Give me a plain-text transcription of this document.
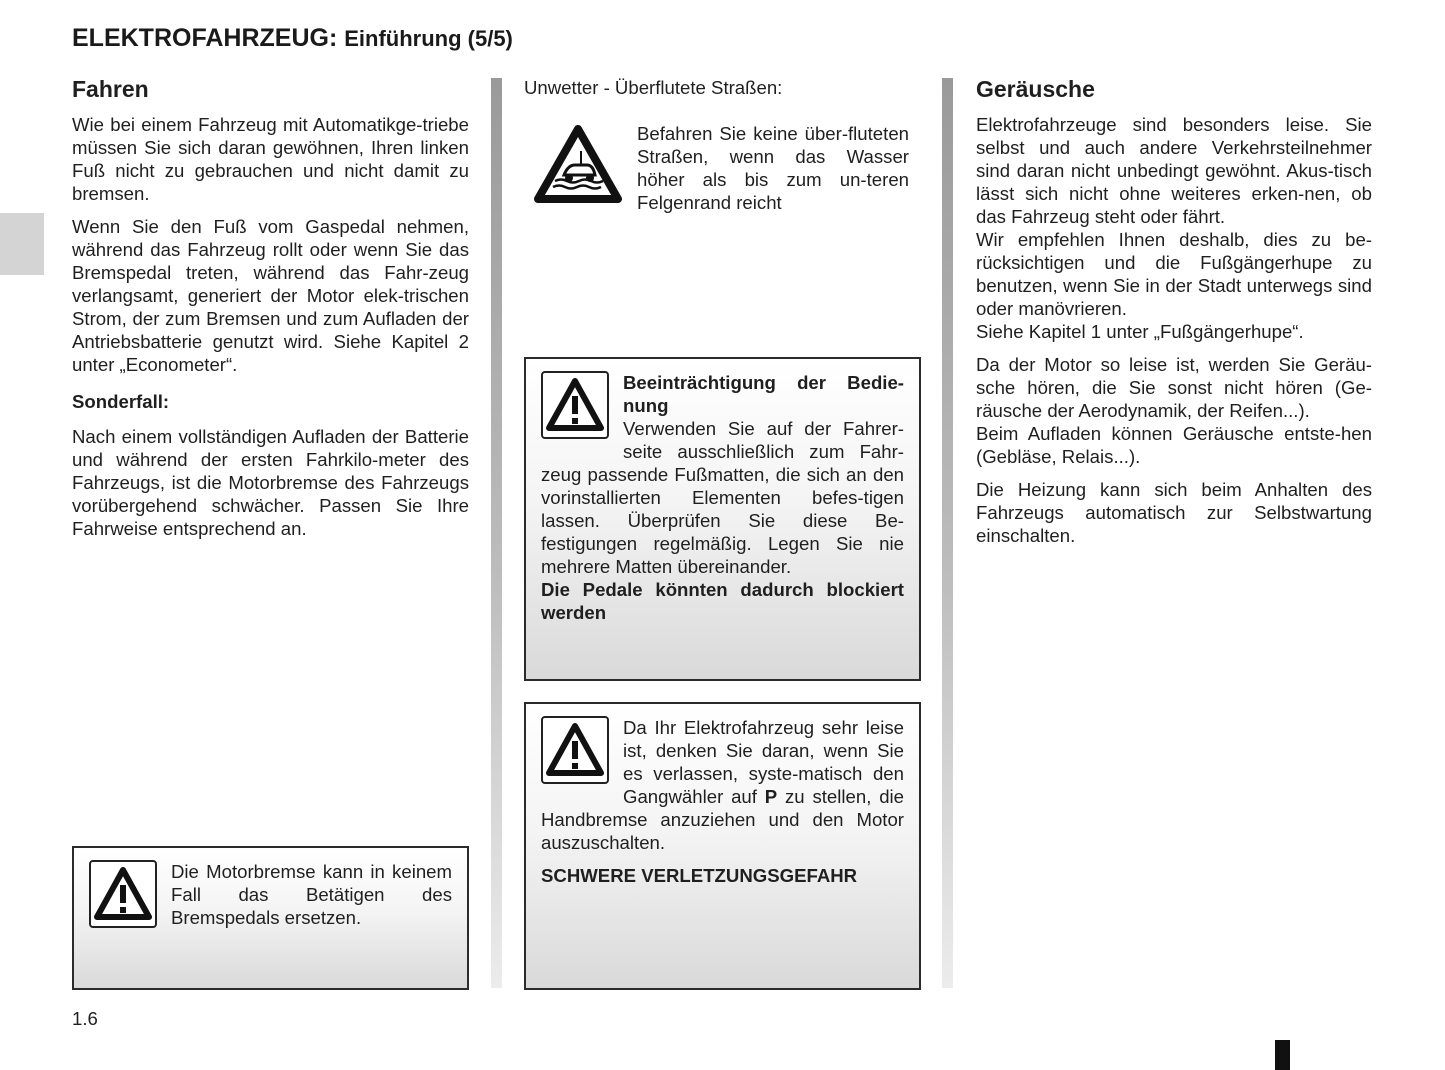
ELEKTROFAHRZEUG: Einführung (5/5)
Fahren

Wie bei einem Fahrzeug mit Automatikge-triebe müssen Sie sich daran gewöhnen, Ihren linken Fuß nicht zu gebrauchen und nicht damit zu bremsen.

Wenn Sie den Fuß vom Gaspedal nehmen, während das Fahrzeug rollt oder wenn Sie das Bremspedal treten, während das Fahr-zeug verlangsamt, generiert der Motor elek-trischen Strom, der zum Bremsen und zum Aufladen der Antriebsbatterie genutzt wird. Siehe Kapitel 2 unter „Econometer“.

Sonderfall:

Nach einem vollständigen Aufladen der Batterie und während der ersten Fahrkilo-meter des Fahrzeugs, ist die Motorbremse des Fahrzeugs vorübergehend schwächer. Passen Sie Ihre Fahrweise entsprechend an.

Die Motorbremse kann in keinem Fall das Betätigen des Bremspedals ersetzen.

Unwetter - Überflutete Straßen:

Befahren Sie keine über-fluteten Straßen, wenn das Wasser höher als bis zum un-teren Felgenrand reicht

Beeinträchtigung der Bedie-nung

Verwenden Sie auf der Fahrer-seite ausschließlich zum Fahr-zeug passende Fußmatten, die sich an den vorinstallierten Elementen befes-tigen lassen. Überprüfen Sie diese Be-festigungen regelmäßig. Legen Sie nie mehrere Matten übereinander.

Die Pedale könnten dadurch blockiert werden

Da Ihr Elektrofahrzeug sehr leise ist, denken Sie daran, wenn Sie es verlassen, syste-matisch den Gangwähler auf P zu stellen, die Handbremse anzuziehen und den Motor auszuschalten.

SCHWERE VERLETZUNGSGEFAHR

Geräusche
Elektrofahrzeuge sind besonders leise. Sie selbst und auch andere Verkehrsteilnehmer sind daran nicht unbedingt gewöhnt. Akus-tisch lässt sich nicht ohne weiteres erken-nen, ob das Fahrzeug steht oder fährt.
Wir empfehlen Ihnen deshalb, dies zu be-rücksichtigen und die Fußgängerhupe zu benutzen, wenn Sie in der Stadt unterwegs sind oder manövrieren.
Siehe Kapitel 1 unter „Fußgängerhupe“.
Da der Motor so leise ist, werden Sie Geräu-sche hören, die Sie sonst nicht hören (Ge-räusche der Aerodynamik, der Reifen...).
Beim Aufladen können Geräusche entste-hen (Gebläse, Relais...).

Die Heizung kann sich beim Anhalten des Fahrzeugs automatisch zur Selbstwartung einschalten.

1.6
